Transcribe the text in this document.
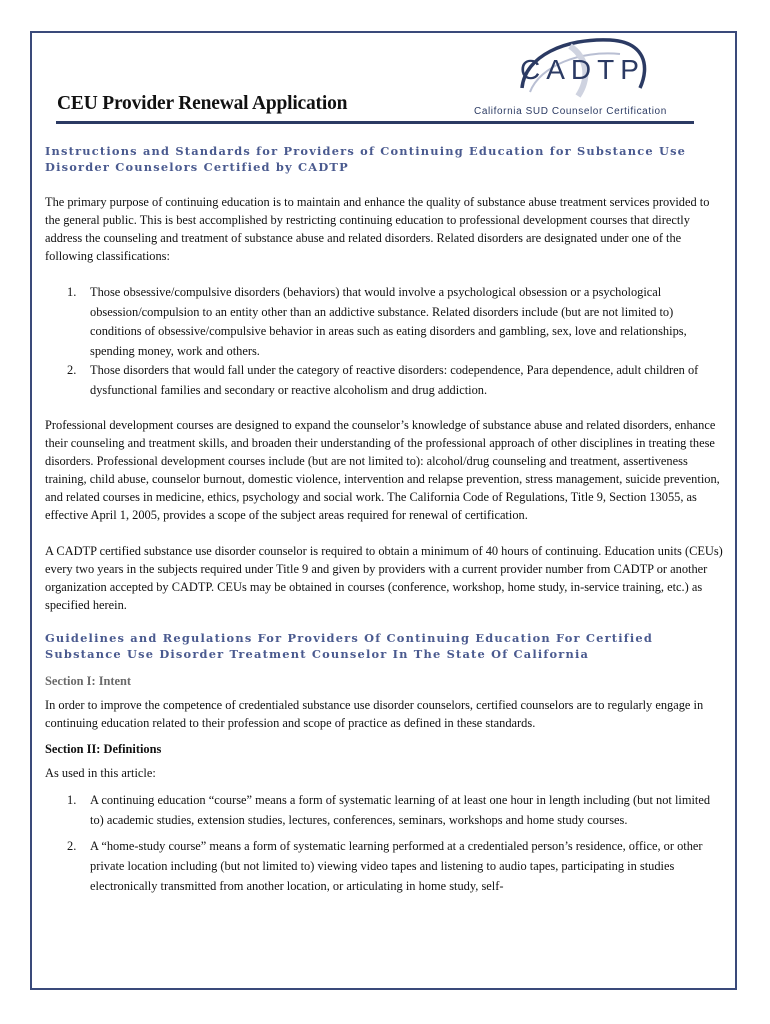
CEU Provider Renewal Application
CADTP
California SUD Counselor Certification
Instructions and Standards for Providers of Continuing Education for Substance Use Disorder Counselors Certified by CADTP

The primary purpose of continuing education is to maintain and enhance the quality of substance abuse treatment services provided to the general public. This is best accomplished by restricting continuing education to professional development courses that directly address the counseling and treatment of substance abuse and related disorders. Related disorders are designated under one of the following classifications:

1. Those obsessive/compulsive disorders (behaviors) that would involve a psychological obsession or a psychological obsession/compulsion to an entity other than an addictive substance. Related disorders include (but are not limited to) conditions of obsessive/compulsive behavior in areas such as eating disorders and gambling, sex, love and relationships, spending money, work and others.
2. Those disorders that would fall under the category of reactive disorders: codependence, Para dependence, adult children of dysfunctional families and secondary or reactive alcoholism and drug addiction.

Professional development courses are designed to expand the counselor’s knowledge of substance abuse and related disorders, enhance their counseling and treatment skills, and broaden their understanding of the professional approach of other disciplines in treating these disorders. Professional development courses include (but are not limited to): alcohol/drug counseling and treatment, assertiveness training, child abuse, counselor burnout, domestic violence, intervention and relapse prevention, stress management, suicide prevention, and related courses in medicine, ethics, psychology and social work. The California Code of Regulations, Title 9, Section 13055, as effective April 1, 2005, provides a scope of the subject areas required for renewal of certification.

A CADTP certified substance use disorder counselor is required to obtain a minimum of 40 hours of continuing. Education units (CEUs) every two years in the subjects required under Title 9 and given by providers with a current provider number from CADTP or another organization accepted by CADTP. CEUs may be obtained in courses (conference, workshop, home study, in-service training, etc.) as specified herein.

Guidelines and Regulations For Providers Of Continuing Education For Certified Substance Use Disorder Treatment Counselor In The State Of California

Section I: Intent

In order to improve the competence of credentialed substance use disorder counselors, certified counselors are to regularly engage in continuing education related to their profession and scope of practice as defined in these standards.

Section II: Definitions

As used in this article:

1. A continuing education “course” means a form of systematic learning of at least one hour in length including (but not limited to) academic studies, extension studies, lectures, conferences, seminars, workshops and home study courses.
2. A “home-study course” means a form of systematic learning performed at a credentialed person’s residence, office, or other private location including (but not limited to) viewing video tapes and listening to audio tapes, participating in studies electronically transmitted from another location, or articulating in home study, self-
